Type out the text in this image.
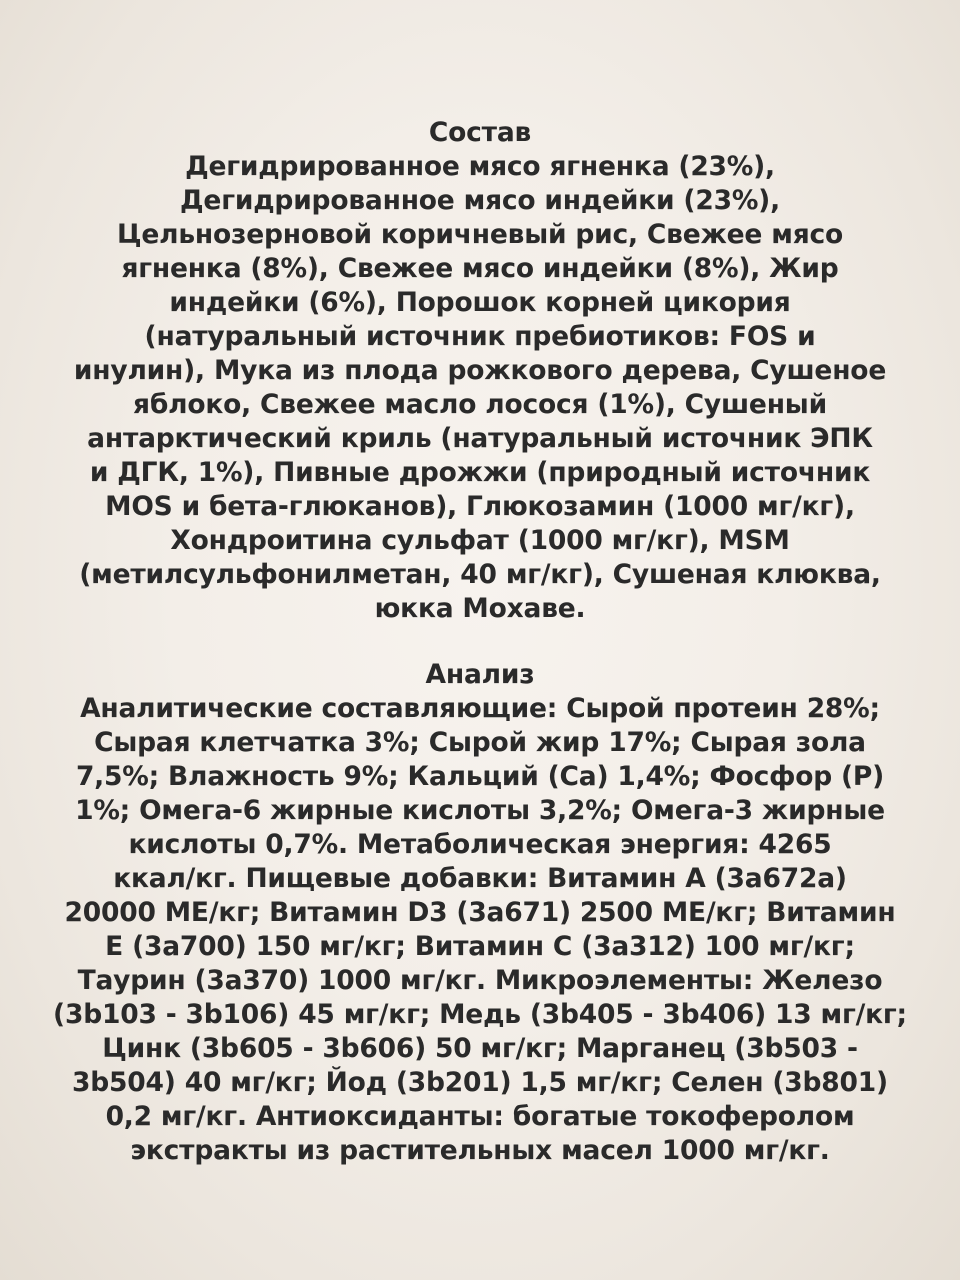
Состав
Дегидрированное мясо ягненка (23%),
Дегидрированное мясо индейки (23%),
Цельнозерновой коричневый рис, Свежее мясо
ягненка (8%), Свежее мясо индейки (8%), Жир
индейки (6%), Порошок корней цикория
(натуральный источник пребиотиков: FOS и
инулин), Мука из плода рожкового дерева, Сушеное
яблоко, Свежее масло лосося (1%), Сушеный
антарктический криль (натуральный источник ЭПК
и ДГК, 1%), Пивные дрожжи (природный источник
MOS и бета-глюканов), Глюкозамин (1000 мг/кг),
Хондроитина сульфат (1000 мг/кг), MSM
(метилсульфонилметан, 40 мг/кг), Сушеная клюква,
юкка Мохаве.
Анализ
Аналитические составляющие: Сырой протеин 28%;
Сырая клетчатка 3%; Сырой жир 17%; Сырая зола
7,5%; Влажность 9%; Кальций (Ca) 1,4%; Фосфор (P)
1%; Омега-6 жирные кислоты 3,2%; Омега-3 жирные
кислоты 0,7%. Метаболическая энергия: 4265
ккал/кг. Пищевые добавки: Витамин A (3a672a)
20000 МЕ/кг; Витамин D3 (3a671) 2500 МЕ/кг; Витамин
E (3a700) 150 мг/кг; Витамин C (3a312) 100 мг/кг;
Таурин (3a370) 1000 мг/кг. Микроэлементы: Железо
(3b103 - 3b106) 45 мг/кг; Медь (3b405 - 3b406) 13 мг/кг;
Цинк (3b605 - 3b606) 50 мг/кг; Марганец (3b503 -
3b504) 40 мг/кг; Йод (3b201) 1,5 мг/кг; Селен (3b801)
0,2 мг/кг. Антиоксиданты: богатые токоферолом
экстракты из растительных масел 1000 мг/кг.
